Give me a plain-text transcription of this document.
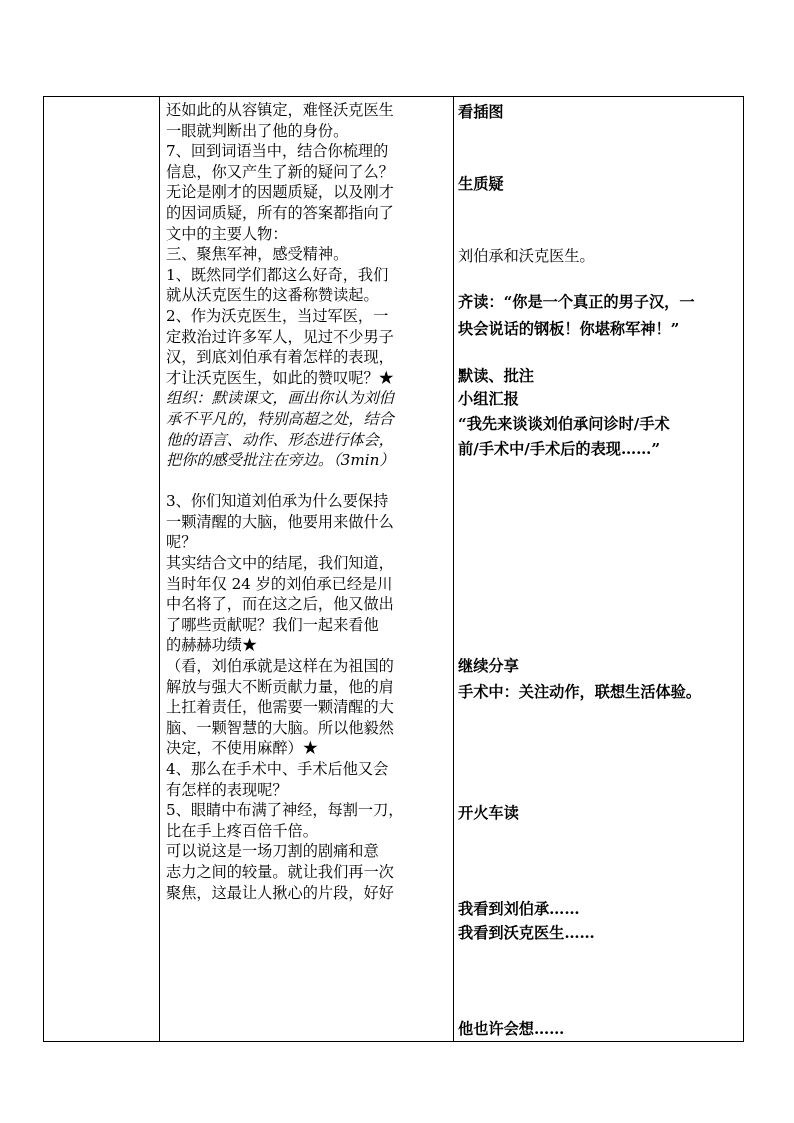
还如此的从容镇定，难怪沃克医生
一眼就判断出了他的身份。
7、回到词语当中，结合你梳理的
信息，你又产生了新的疑问了么？
无论是刚才的因题质疑，以及刚才
的因词质疑，所有的答案都指向了
文中的主要人物：
三、聚焦军神，感受精神。
1、既然同学们都这么好奇，我们
就从沃克医生的这番称赞读起。
2、作为沃克医生，当过军医，一
定救治过许多军人，见过不少男子
汉，到底刘伯承有着怎样的表现，
才让沃克医生，如此的赞叹呢？★
组织：默读课文，画出你认为刘伯
承不平凡的，特别高超之处，结合
他的语言、动作、形态进行体会，
把你的感受批注在旁边。（3min）
3、你们知道刘伯承为什么要保持
一颗清醒的大脑，他要用来做什么
呢？
其实结合文中的结尾，我们知道，
当时年仅 24 岁的刘伯承已经是川
中名将了，而在这之后，他又做出
了哪些贡献呢？我们一起来看他
的赫赫功绩★
（看，刘伯承就是这样在为祖国的
解放与强大不断贡献力量，他的肩
上扛着责任，他需要一颗清醒的大
脑、一颗智慧的大脑。所以他毅然
决定，不使用麻醉）★
4、那么在手术中、手术后他又会
有怎样的表现呢？
5、眼睛中布满了神经，每割一刀，
比在手上疼百倍千倍。
可以说这是一场刀割的剧痛和意
志力之间的较量。就让我们再一次
聚焦，这最让人揪心的片段，好好
看插图
生质疑
刘伯承和沃克医生。
齐读：“你是一个真正的男子汉，一
块会说话的钢板！你堪称军神！”
默读、批注
小组汇报
“我先来谈谈刘伯承问诊时/手术
前/手术中/手术后的表现……”
继续分享
手术中：关注动作，联想生活体验。
开火车读
我看到刘伯承……
我看到沃克医生……
他也许会想……
